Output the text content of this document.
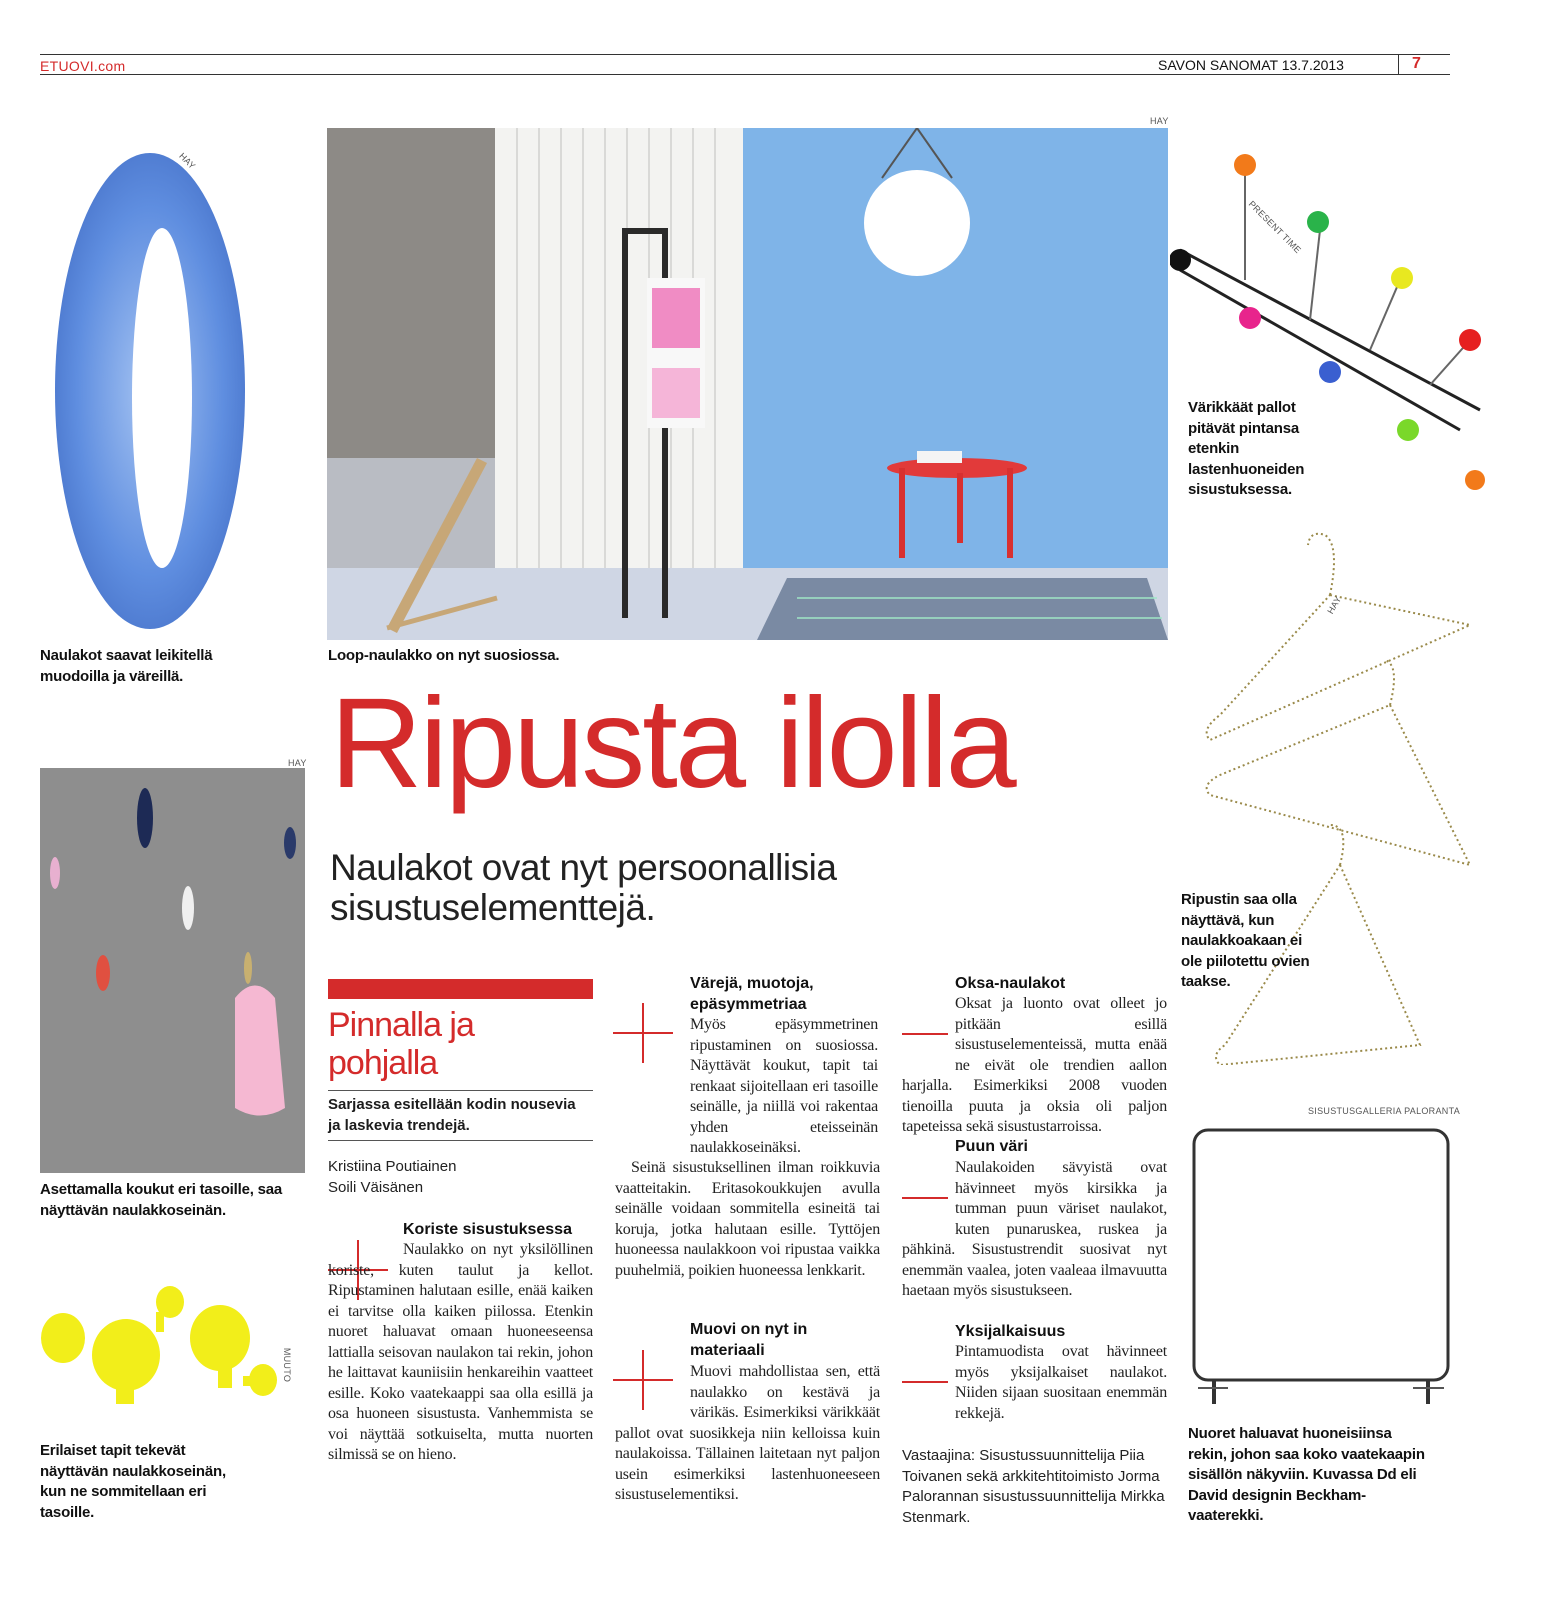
ETUOVI.com	SAVON SANOMAT 13.7.2013	7
HAY
Naulakot saavat leikitellä muodoilla ja väreillä.
HAY
Loop-naulakko on nyt suosiossa.
PRESENT TIME
Värikkäät pallot pitävät pintansa etenkin lastenhuoneiden sisustuksessa.
HAY
Ripustin saa olla näyttävä, kun naulakkoakaan ei ole piilotettu ovien taakse.
HAY
Asettamalla koukut eri tasoille, saa näyttävän naulakkoseinän.
MUUTO
Erilaiset tapit tekevät näyttävän naulakkoseinän, kun ne sommitellaan eri tasoille.
Ripusta ilolla
Naulakot ovat nyt persoonallisia sisustuselementtejä.
Pinnalla ja pohjalla
Sarjassa esitellään kodin nousevia ja laskevia trendejä.
Kristiina Poutiainen
Soili Väisänen
Koriste sisustuksessa
Naulakko on nyt yksilöllinen koriste, kuten taulut ja kellot. Ripustaminen halutaan esille, enää kaiken ei tarvitse olla kaiken piilossa. Etenkin nuoret haluavat omaan huoneeseensa lattialla seisovan naulakon tai rekin, johon he laittavat kauniisiin henkareihin vaatteet esille. Koko vaatekaappi saa olla esillä ja osa huoneen sisustusta. Vanhemmista se voi näyttää sotkuiselta, mutta nuorten silmissä se on hieno.
Värejä, muotoja, epäsymmetriaa
Myös epäsymmetrinen ripustaminen on suosiossa. Näyttävät koukut, tapit tai renkaat sijoitellaan eri tasoille seinälle, ja niillä voi rakentaa yhden eteisseinän naulakkoseinäksi.
Seinä sisustuksellinen ilman roikkuvia vaatteitakin. Eritasokoukkujen avulla seinälle voidaan sommitella esineitä tai koruja, jotka halutaan esille. Tyttöjen huoneessa naulakkoon voi ripustaa vaikka puuhelmiä, poikien huoneessa lenkkarit.
Muovi on nyt in materiaali
Muovi mahdollistaa sen, että naulakko on kestävä ja värikäs. Esimerkiksi värikkäät pallot ovat suosikkeja niin kelloissa kuin naulakoissa. Tällainen laitetaan nyt paljon usein esimerkiksi lastenhuoneeseen sisustuselementiksi.
Oksa-naulakot
Oksat ja luonto ovat olleet jo pitkään esillä sisustuselementeissä, mutta enää ne eivät ole trendien aallon harjalla. Esimerkiksi 2008 vuoden tienoilla puuta ja oksia oli paljon tapeteissa sekä sisustustarroissa.
Puun väri
Naulakoiden sävyistä ovat hävinneet myös kirsikka ja tumman puun väriset naulakot, kuten punaruskea, ruskea ja pähkinä. Sisustustrendit suosivat nyt enemmän vaalea, joten vaaleaa ilmavuutta haetaan myös sisustukseen.
Yksijalkaisuus
Pintamuodista ovat hävinneet myös yksijalkaiset naulakot. Niiden sijaan suositaan enemmän rekkejä.
Vastaajina: Sisustussuunnittelija Piia Toivanen sekä arkkitehtitoimisto Jorma Palorannan sisustussuunnittelija Mirkka Stenmark.
SISUSTUSGALLERIA PALORANTA
Nuoret haluavat huoneisiinsa rekin, johon saa koko vaatekaapin sisällön näkyviin. Kuvassa Dd eli David designin Beckham-vaaterekki.
